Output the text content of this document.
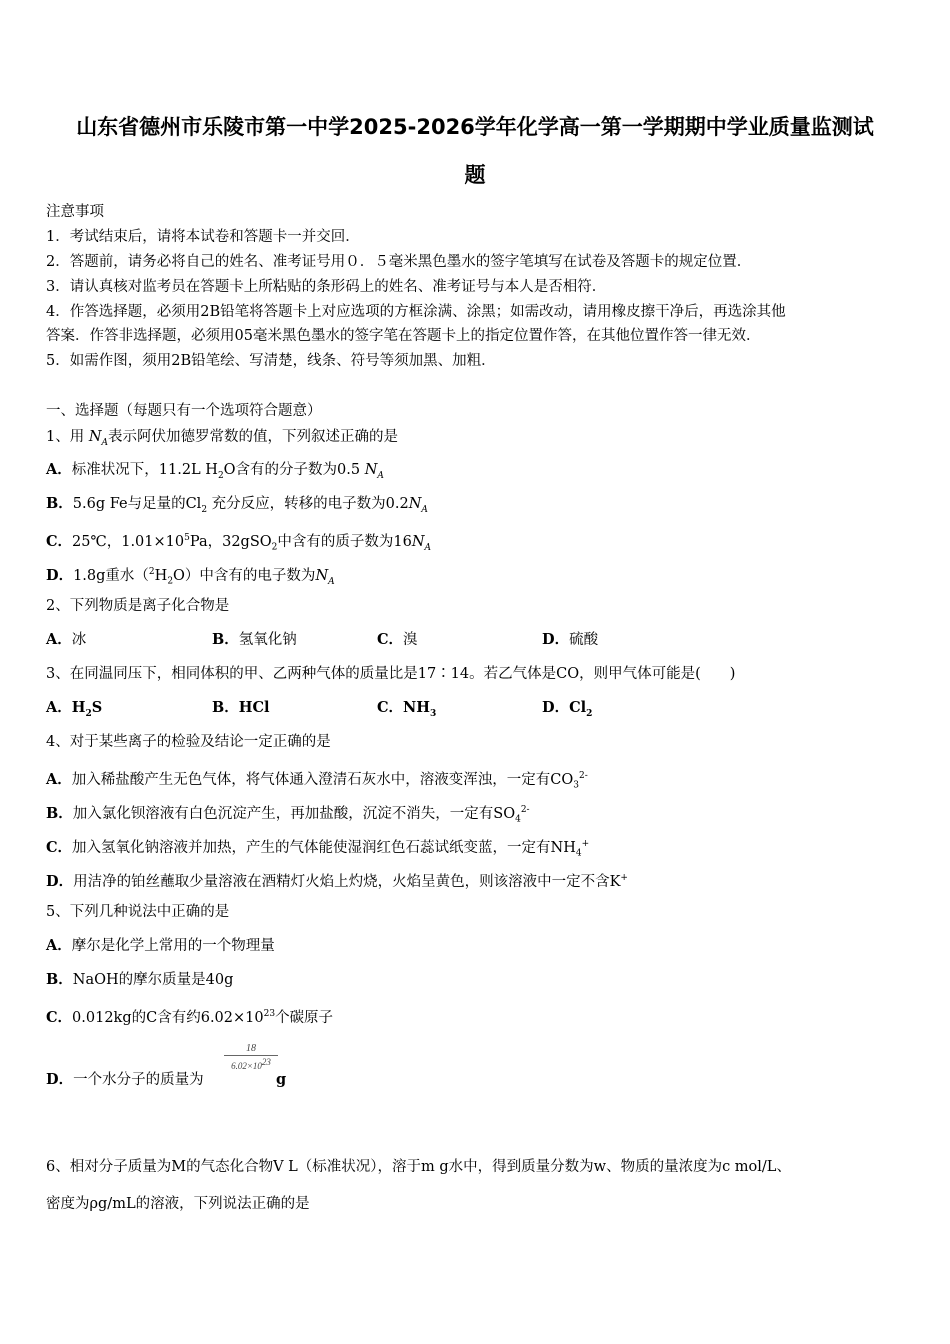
山东省德州市乐陵市第一中学2025-2026学年化学高一第一学期期中学业质量监测试
题
注意事项
1．考试结束后，请将本试卷和答题卡一并交回．
2．答题前，请务必将自己的姓名、准考证号用０．５毫米黑色墨水的签字笔填写在试卷及答题卡的规定位置．
3．请认真核对监考员在答题卡上所粘贴的条形码上的姓名、准考证号与本人是否相符．
4．作答选择题，必须用2B铅笔将答题卡上对应选项的方框涂满、涂黑；如需改动，请用橡皮擦干净后，再选涂其他
答案．作答非选择题，必须用05毫米黑色墨水的签字笔在答题卡上的指定位置作答，在其他位置作答一律无效．
5．如需作图，须用2B铅笔绘、写清楚，线条、符号等须加黑、加粗．
一、选择题（每题只有一个选项符合题意）
1、用 $N_A$表示阿伏加德罗常数的值，下列叙述正确的是
A．标准状况下，11.2L $H_2O$含有的分子数为0.5 $N_A$
B．5.6g Fe与足量的$Cl_2$ 充分反应，转移的电子数为$0.2N_A$
C．25℃，$1.01\times 10^5Pa$，32gSO$_2$中含有的质子数为$16N_A$
D．1.8g重水$(^2H_2O)$中含有的电子数为$N_A$
2、下列物质是离子化合物是
A．冰	B．氢氧化钠	C．溴	D．硫酸
3、在同温同压下，相同体积的甲、乙两种气体的质量比是17∶14。若乙气体是CO，则甲气体可能是(　　)
A．$H_2S$	B．HCl	C．$NH_3$	D．$Cl_2$
4、对于某些离子的检验及结论一定正确的是
A．加入稀盐酸产生无色气体，将气体通入澄清石灰水中，溶液变浑浊，一定有$CO_3^{2-}$
B．加入氯化钡溶液有白色沉淀产生，再加盐酸，沉淀不消失，一定有$SO_4^{2-}$
C．加入氢氧化钠溶液并加热，产生的气体能使湿润红色石蕊试纸变蓝，一定有$NH_4^+$
D．用洁净的铂丝蘸取少量溶液在酒精灯火焰上灼烧，火焰呈黄色，则该溶液中一定不含K+
5、下列几种说法中正确的是
A．摩尔是化学上常用的一个物理量
B．NaOH的摩尔质量是40g
C．0.012kg的C含有约$6.02\times 10^{23}$个碳原子
D．一个水分子的质量为
$\frac{18}{6.02\times 10^{23}}$
g
6、相对分子质量为M的气态化合物V L（标准状况），溶于m g水中，得到质量分数为w、物质的量浓度为c mol/L、
密度为ρg/mL的溶液，下列说法正确的是
